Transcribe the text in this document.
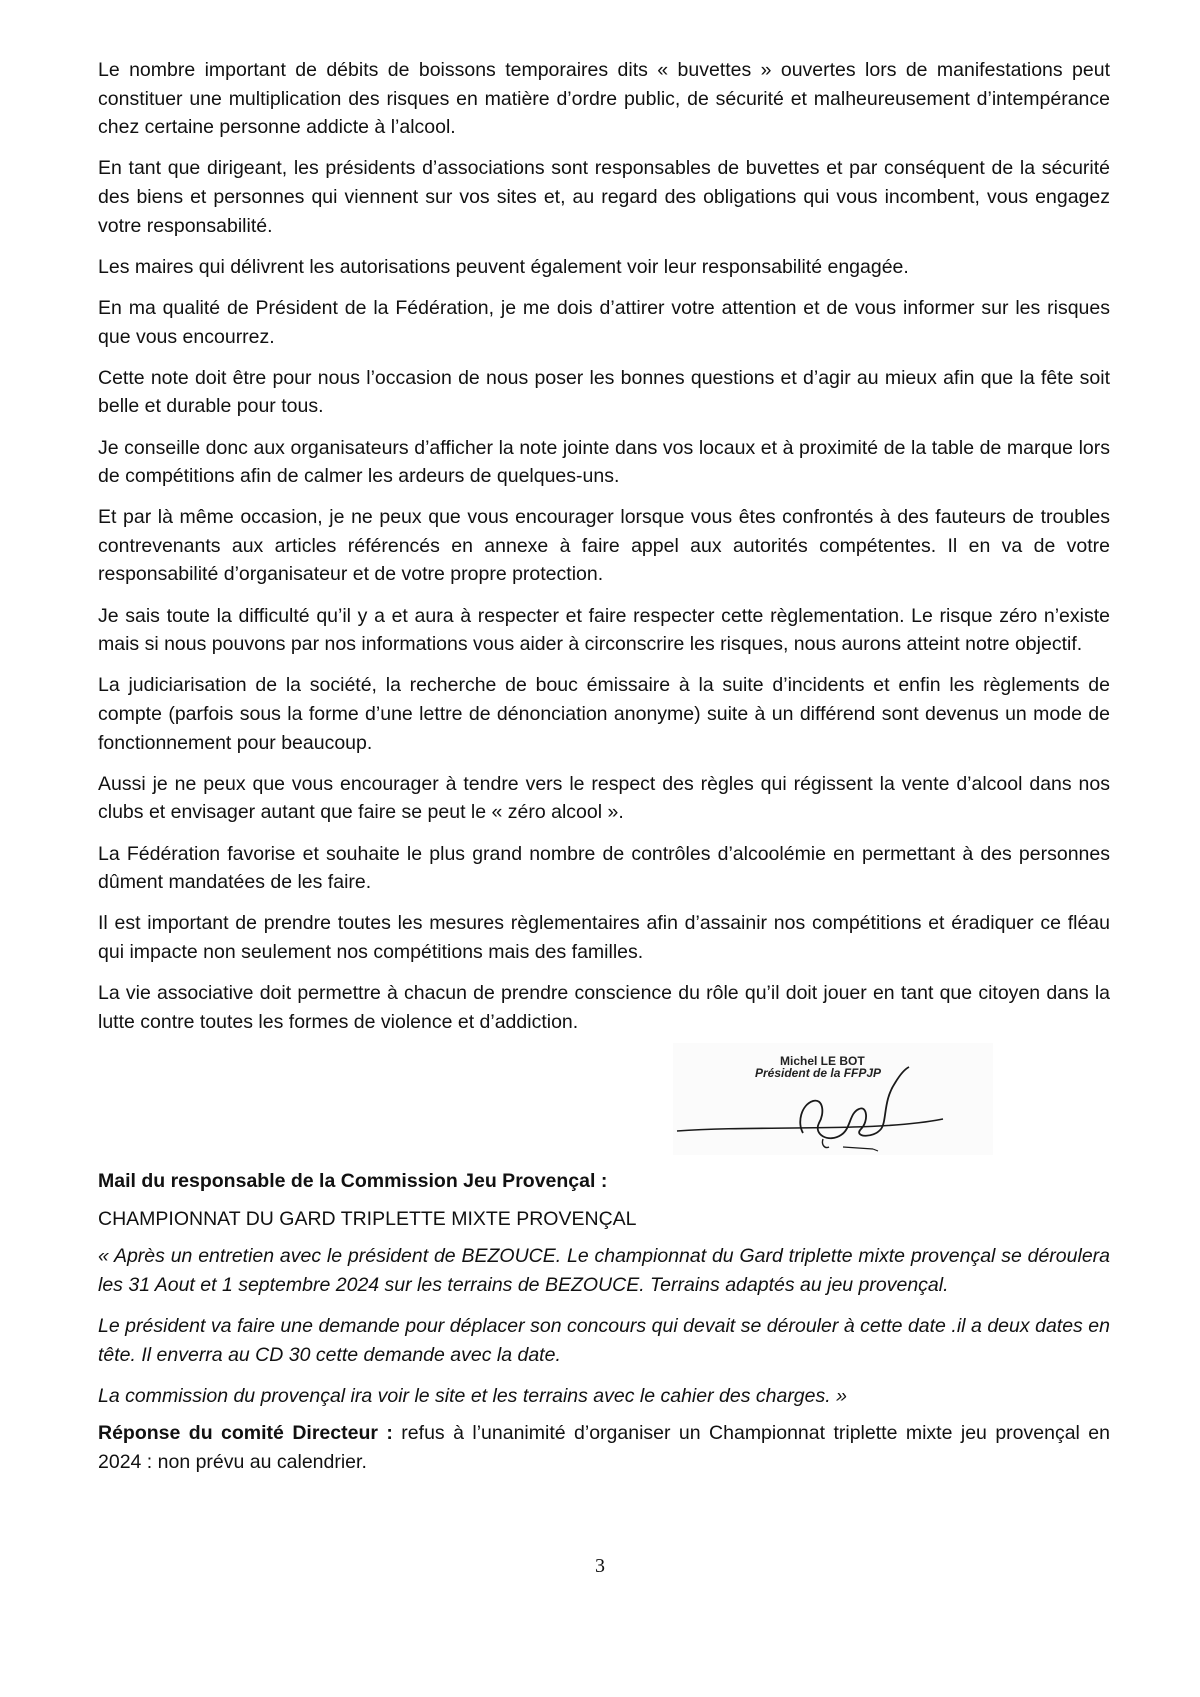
Le nombre important de débits de boissons temporaires dits « buvettes » ouvertes lors de manifestations peut constituer une multiplication des risques en matière d’ordre public, de sécurité et malheureusement d’intempérance chez certaine personne addicte à l’alcool.

En tant que dirigeant, les présidents d’associations sont responsables de buvettes et par conséquent de la sécurité des biens et personnes qui viennent sur vos sites et, au regard des obligations qui vous incombent, vous engagez votre responsabilité.

Les maires qui délivrent les autorisations peuvent également voir leur responsabilité engagée.

En ma qualité de Président de la Fédération, je me dois d’attirer votre attention et de vous informer sur les risques que vous encourrez.

Cette note doit être pour nous l’occasion de nous poser les bonnes questions et d’agir au mieux afin que la fête soit belle et durable pour tous.

Je conseille donc aux organisateurs d’afficher la note jointe dans vos locaux et à proximité de la table de marque lors de compétitions afin de calmer les ardeurs de quelques-uns.

Et par là même occasion, je ne peux que vous encourager lorsque vous êtes confrontés à des fauteurs de troubles contrevenants aux articles référencés en annexe à faire appel aux autorités compétentes. Il en va de votre responsabilité d’organisateur et de votre propre protection.

Je sais toute la difficulté qu’il y a et aura à respecter et faire respecter cette règlementation. Le risque zéro n’existe mais si nous pouvons par nos informations vous aider à circonscrire les risques, nous aurons atteint notre objectif.

La judiciarisation de la société, la recherche de bouc émissaire à la suite d’incidents et enfin les règlements de compte (parfois sous la forme d’une lettre de dénonciation anonyme) suite à un différend sont devenus un mode de fonctionnement pour beaucoup.

Aussi je ne peux que vous encourager à tendre vers le respect des règles qui régissent la vente d’alcool dans nos clubs et envisager autant que faire se peut le « zéro alcool ».

La Fédération favorise et souhaite le plus grand nombre de contrôles d’alcoolémie en permettant à des personnes dûment mandatées de les faire.

Il est important de prendre toutes les mesures règlementaires afin d’assainir nos compétitions et éradiquer ce fléau qui impacte non seulement nos compétitions mais des familles.

La vie associative doit permettre à chacun de prendre conscience du rôle qu’il doit jouer en tant que citoyen dans la lutte contre toutes les formes de violence et d’addiction.

Michel LE BOT
Président de la FFPJP

Mail du responsable de la Commission Jeu Provençal :

CHAMPIONNAT DU GARD TRIPLETTE MIXTE PROVENÇAL

« Après un entretien avec le président de BEZOUCE. Le championnat du Gard triplette mixte provençal se déroulera les 31 Aout et 1 septembre 2024 sur les terrains de BEZOUCE. Terrains adaptés au jeu provençal.

Le président va faire une demande pour déplacer son concours qui devait se dérouler à cette date .il a deux dates en tête. Il enverra au CD 30 cette demande avec la date.

La commission du provençal ira voir le site et les terrains avec le cahier des charges. »

Réponse du comité Directeur : refus à l’unanimité d’organiser un Championnat triplette mixte jeu provençal en 2024 : non prévu au calendrier.

3
